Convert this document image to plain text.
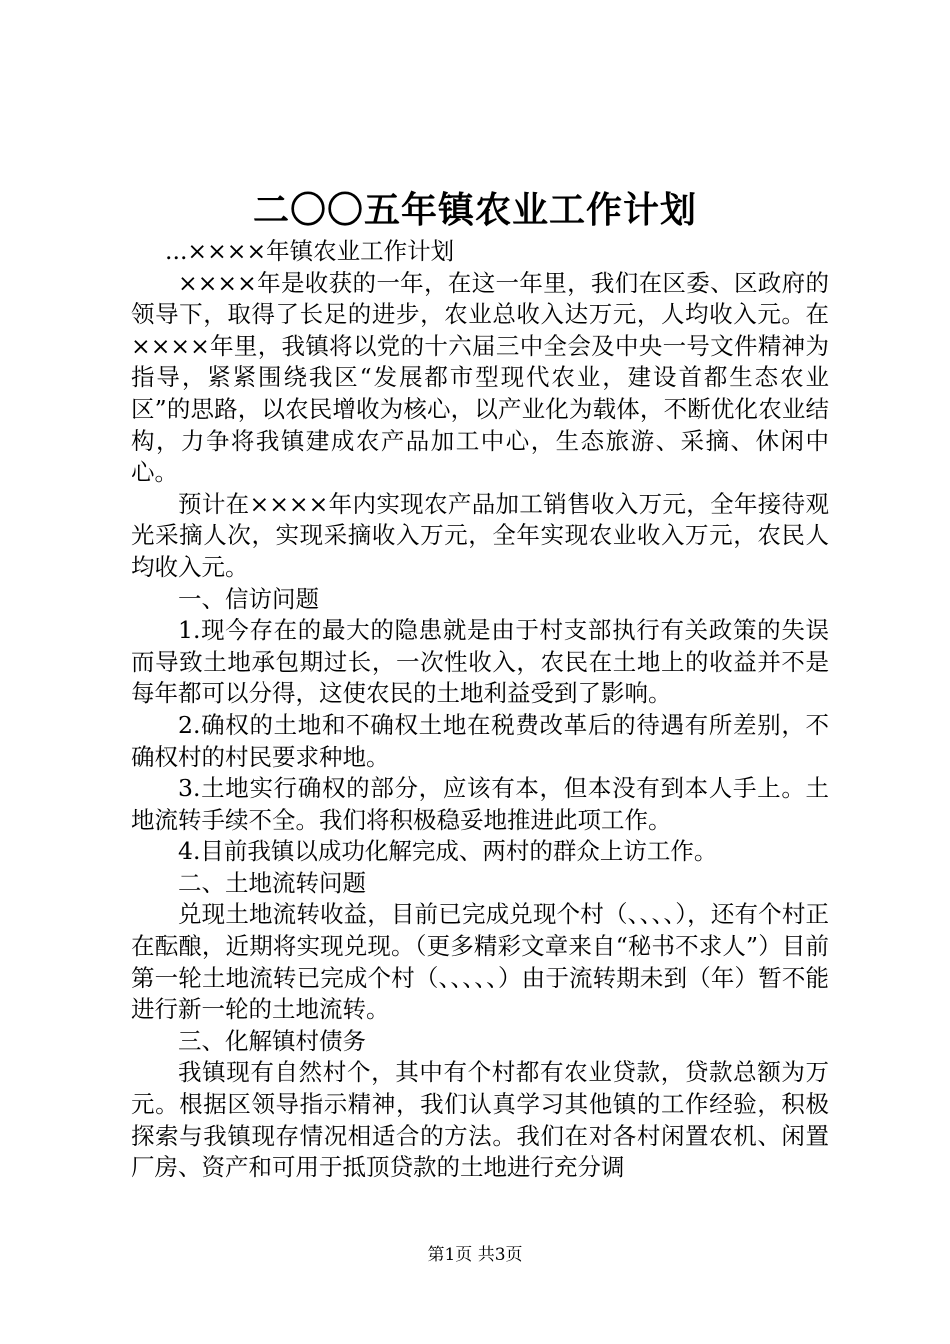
二〇〇五年镇农业工作计划

...××××年镇农业工作计划

××××年是收获的一年，在这一年里，我们在区委、区政府的领导下，取得了长足的进步，农业总收入达万元，人均收入元。在××××年里，我镇将以党的十六届三中全会及中央一号文件精神为指导，紧紧围绕我区“发展都市型现代农业，建设首都生态农业区”的思路，以农民增收为核心，以产业化为载体，不断优化农业结构，力争将我镇建成农产品加工中心，生态旅游、采摘、休闲中心。

预计在××××年内实现农产品加工销售收入万元，全年接待观光采摘人次，实现采摘收入万元，全年实现农业收入万元，农民人均收入元。

一、信访问题

1.现今存在的最大的隐患就是由于村支部执行有关政策的失误而导致土地承包期过长，一次性收入，农民在土地上的收益并不是每年都可以分得，这使农民的土地利益受到了影响。

2.确权的土地和不确权土地在税费改革后的待遇有所差别，不确权村的村民要求种地。

3.土地实行确权的部分，应该有本，但本没有到本人手上。土地流转手续不全。我们将积极稳妥地推进此项工作。

4.目前我镇以成功化解完成、两村的群众上访工作。

二、土地流转问题

兑现土地流转收益，目前已完成兑现个村（、、、、），还有个村正在酝酿，近期将实现兑现。（更多精彩文章来自“秘书不求人”）目前第一轮土地流转已完成个村（、、、、、）由于流转期未到（年）暂不能进行新一轮的土地流转。

三、化解镇村债务

我镇现有自然村个，其中有个村都有农业贷款，贷款总额为万元。根据区领导指示精神，我们认真学习其他镇的工作经验，积极探索与我镇现存情况相适合的方法。我们在对各村闲置农机、闲置厂房、资产和可用于抵顶贷款的土地进行充分调

第1页 共3页
